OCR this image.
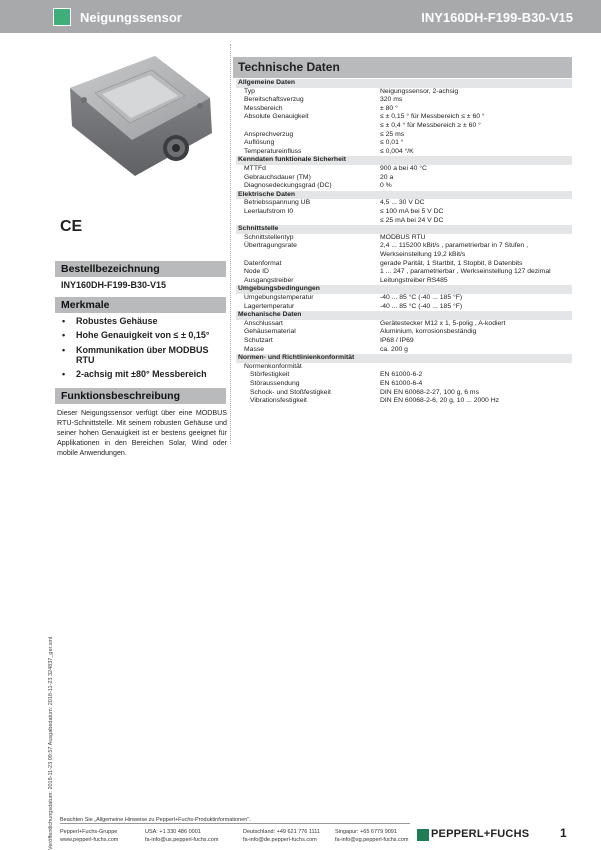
Neigungssensor	INY160DH-F199-B30-V15
CE
Bestellbezeichnung
INY160DH-F199-B30-V15
Merkmale
• Robustes Gehäuse
• Hohe Genauigkeit von ≤ ± 0,15°
• Kommunikation über MODBUS RTU
• 2-achsig mit ±80° Messbereich
Funktionsbeschreibung
Dieser Neigungssensor verfügt über eine MODBUS RTU-Schnittstelle. Mit seinem robusten Gehäuse und seiner hohen Genauigkeit ist er bestens geeignet für Applikationen in den Bereichen Solar, Wind oder mobile Anwendungen.
Technische Daten
Allgemeine Daten
Typ	Neigungssensor, 2-achsig
Bereitschaftsverzug	320 ms
Messbereich	± 80 °
Absolute Genauigkeit	≤ ± 0,15 ° für Messbereich ≤ ± 60 °
≤ ± 0,4 ° für Messbereich ≥ ± 60 °
Ansprechverzug	≤ 25 ms
Auflösung	≤ 0,01 °
Temperatureinfluss	≤ 0,004 °/K
Kenndaten funktionale Sicherheit
MTTFd	900 a bei 40 °C
Gebrauchsdauer (TM)	20 a
Diagnosedeckungsgrad (DC)	0 %
Elektrische Daten
Betriebsspannung UB	4,5 ... 30 V DC
Leerlaufstrom I0	≤ 100 mA bei 5 V DC
≤ 25 mA bei 24 V DC
Schnittstelle
Schnittstellentyp	MODBUS RTU
Übertragungsrate	2,4 ... 115200 kBit/s , parametrierbar in 7 Stufen ,
Werkseinstellung 19,2 kBit/s
Datenformat	gerade Parität, 1 Startbit, 1 Stopbit, 8 Datenbits
Node ID	1 ... 247 , parametrierbar , Werkseinstellung 127 dezimal
Ausgangstreiber	Leitungstreiber RS485
Umgebungsbedingungen
Umgebungstemperatur	-40 ... 85 °C (-40 ... 185 °F)
Lagertemperatur	-40 ... 85 °C (-40 ... 185 °F)
Mechanische Daten
Anschlussart	Gerätestecker M12 x 1, 5-polig , A-kodiert
Gehäusematerial	Aluminium, korrosionsbeständig
Schutzart	IP68 / IP69
Masse	ca. 200 g
Normen- und Richtlinienkonformität
Normenkonformität
Störfestigkeit	EN 61000-6-2
Störaussendung	EN 61000-6-4
Schock- und Stoßfestigkeit	DIN EN 60068-2-27, 100 g, 6 ms
Vibrationsfestigkeit	DIN EN 60068-2-6, 20 g, 10 ... 2000 Hz
Veröffentlichungsdatum: 2018-11-23 09:57 Ausgabedatum: 2018-11-23 324837_ger.xml Beachten Sie „Allgemeine Hinweise zu Pepperl+Fuchs-Produktinformationen".
Pepperl+Fuchs-Gruppe
www.pepperl-fuchs.com
USA: +1 330 486 0001
fa-info@us.pepperl-fuchs.com
Deutschland: +49 621 776 1111
fa-info@de.pepperl-fuchs.com
Singapur: +65 6779 9091
fa-info@sg.pepperl-fuchs.com PEPPERL+FUCHS	1
